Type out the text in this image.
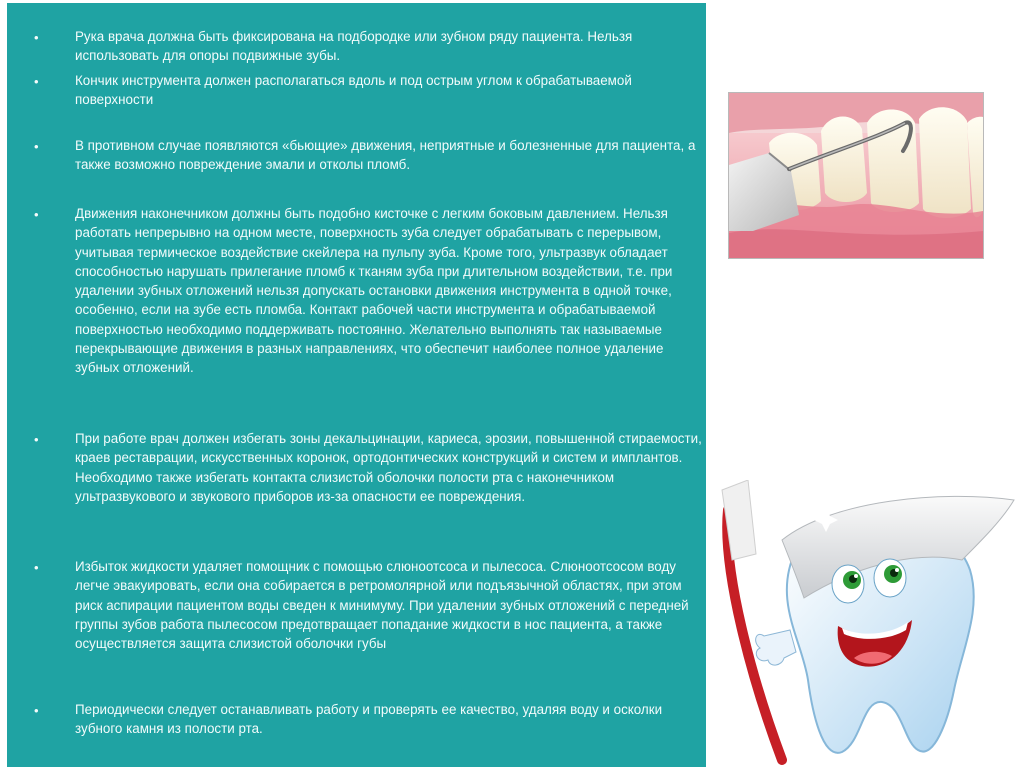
•	Рука врача должна быть фиксирована на подбородке или зубном ряду пациента. Нельзя использовать для опоры подвижные зубы.

•	Кончик инструмента должен располагаться вдоль и под острым углом к обрабатываемой поверхности

•	В противном случае появляются «бьющие» движения, неприятные и болезненные для пациента, а также возможно повреждение эмали и отколы пломб.

•	Движения наконечником должны быть подобно кисточке с легким боковым давлением. Нельзя работать непрерывно на одном месте, поверхность зуба следует обрабатывать с перерывом, учитывая термическое воздействие скейлера на пульпу зуба. Кроме того, ультразвук обладает способностью нарушать прилегание пломб к тканям зуба при длительном воздействии, т.е. при удалении зубных отложений нельзя допускать остановки движения инструмента в одной точке, особенно, если на зубе есть пломба. Контакт рабочей части инструмента и обрабатываемой поверхностью необходимо поддерживать постоянно. Желательно выполнять так называемые перекрывающие движения в разных направлениях, что обеспечит наиболее полное удаление зубных отложений.

•	При работе врач должен избегать зоны декальцинации, кариеса, эрозии, повышенной стираемости, краев реставрации, искусственных коронок, ортодонтических конструкций и систем и имплантов. Необходимо также избегать контакта слизистой оболочки полости рта с наконечником ультразвукового и звукового приборов из-за опасности ее повреждения.

•	Избыток жидкости удаляет помощник с помощью слюноотсоса и пылесоса. Слюноотсосом воду легче эвакуировать, если она собирается в ретромолярной или подъязычной областях, при этом риск аспирации пациентом воды сведен к минимуму. При удалении зубных отложений с передней группы зубов работа пылесосом предотвращает попадание жидкости в нос пациента, а также осуществляется защита слизистой оболочки губы

•	Периодически следует останавливать работу и проверять ее качество, удаляя воду и осколки зубного камня из полости рта.
